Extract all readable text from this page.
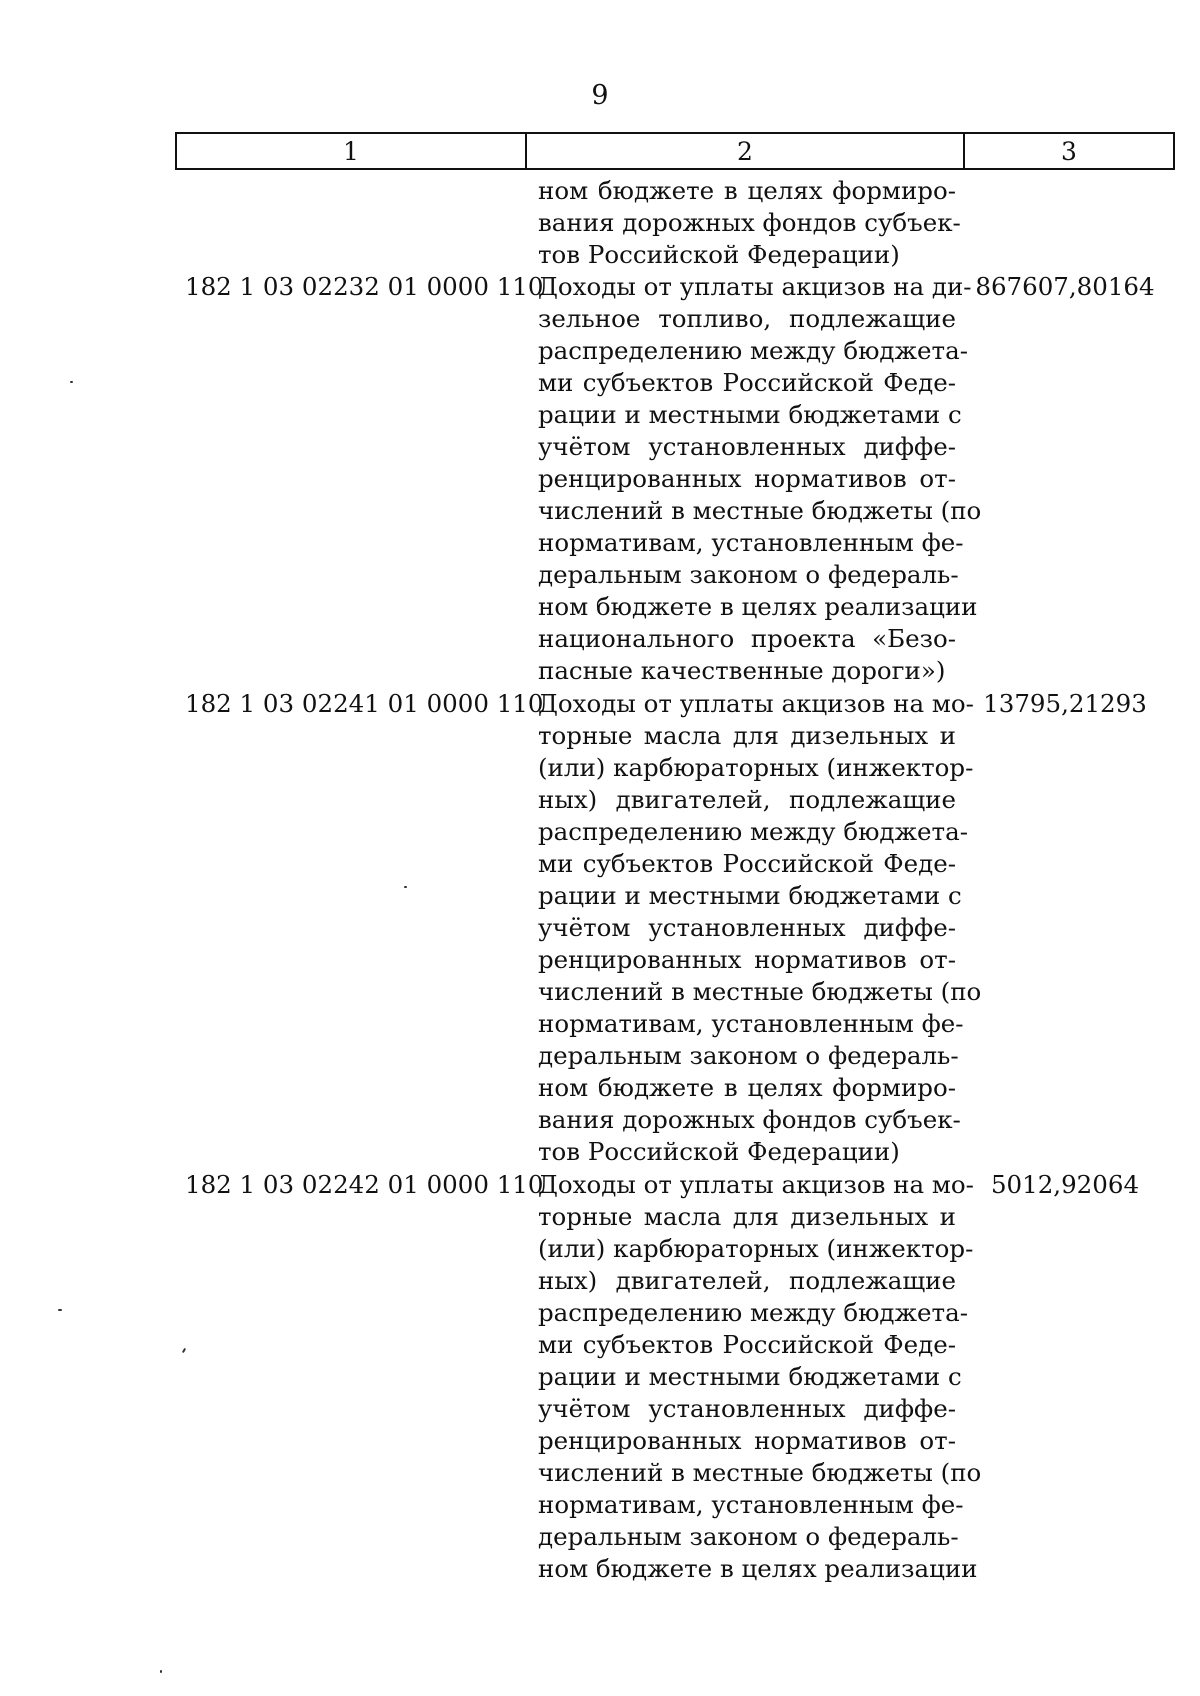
9
1	2	3
ном бюджете в целях формиро-
вания дорожных фондов субъек-
тов Российской Федерации)
182 1 03 02232 01 0000 110
Доходы от уплаты акцизов на ди-
зельное топливо, подлежащие
распределению между бюджета-
ми субъектов Российской Феде-
рации и местными бюджетами с
учётом установленных диффе-
ренцированных нормативов от-
числений в местные бюджеты (по
нормативам, установленным фе-
деральным законом о федераль-
ном бюджете в целях реализации
национального проекта «Безо-
пасные качественные дороги»)
867607,80164
182 1 03 02241 01 0000 110
Доходы от уплаты акцизов на мо-
торные масла для дизельных и
(или) карбюраторных (инжектор-
ных) двигателей, подлежащие
распределению между бюджета-
ми субъектов Российской Феде-
рации и местными бюджетами с
учётом установленных диффе-
ренцированных нормативов от-
числений в местные бюджеты (по
нормативам, установленным фе-
деральным законом о федераль-
ном бюджете в целях формиро-
вания дорожных фондов субъек-
тов Российской Федерации)
13795,21293
182 1 03 02242 01 0000 110
Доходы от уплаты акцизов на мо-
торные масла для дизельных и
(или) карбюраторных (инжектор-
ных) двигателей, подлежащие
распределению между бюджета-
ми субъектов Российской Феде-
рации и местными бюджетами с
учётом установленных диффе-
ренцированных нормативов от-
числений в местные бюджеты (по
нормативам, установленным фе-
деральным законом о федераль-
ном бюджете в целях реализации
5012,92064
